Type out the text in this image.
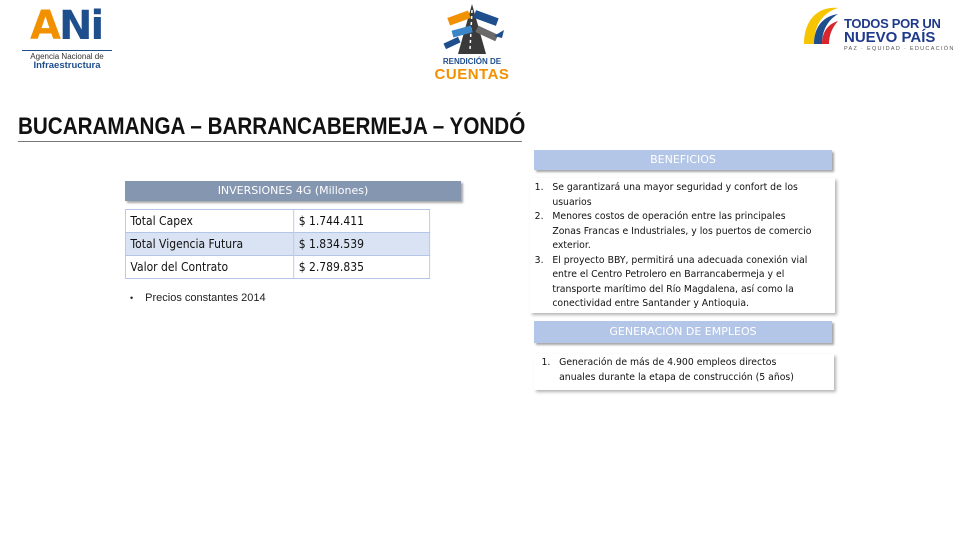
ANi
Agencia Nacional de
Infraestructura	RENDICIÓN DE
CUENTAS
TODOS POR UN
NUEVO PAÍS
PAZ · EQUIDAD · EDUCACIÓN
BUCARAMANGA – BARRANCABERMEJA – YONDÓ
INVERSIONES 4G (Millones)
Total Capex	$ 1.744.411
Total Vigencia Futura	$ 1.834.539
Valor del Contrato	$ 2.789.835
• Precios constantes 2014
BENEFICIOS
1. Se garantizará una mayor seguridad y confort de los
usuarios
2. Menores costos de operación entre las principales
Zonas Francas e Industriales, y los puertos de comercio
exterior.
3. El proyecto BBY, permitirá una adecuada conexión vial
entre el Centro Petrolero en Barrancabermeja y el
transporte marítimo del Río Magdalena, así como la
conectividad entre Santander y Antioquia.
GENERACIÓN DE EMPLEOS
1. Generación de más de 4.900 empleos directos
anuales durante la etapa de construcción (5 años)
